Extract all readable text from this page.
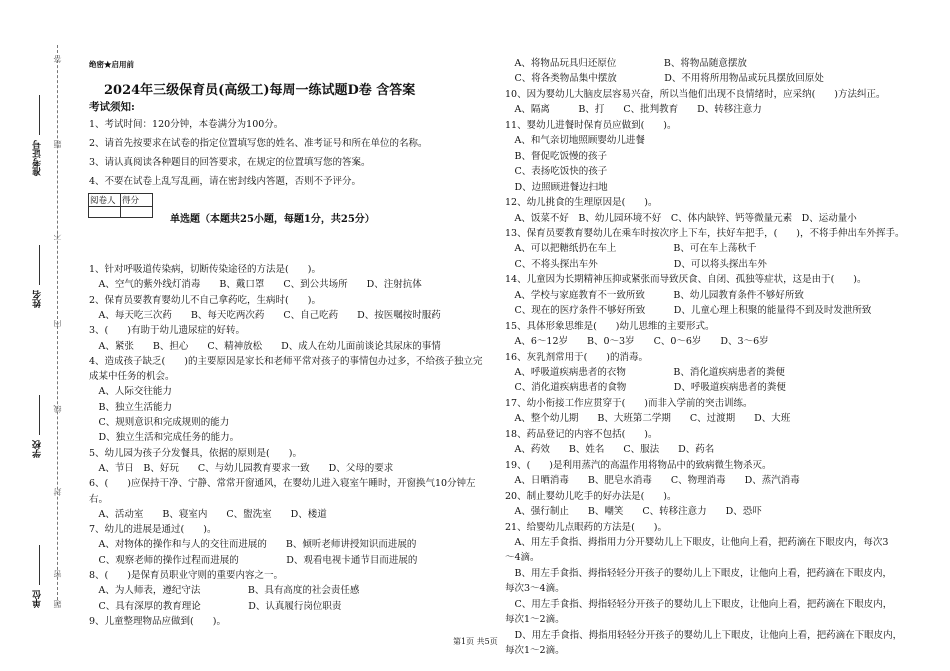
准考证号
姓名
学校
单位
答
题
不
内
线
封
密
题
绝密★启用前
2024年三级保育员(高级工)每周一练试题D卷 含答案
考试须知:
1、考试时间：120分钟，本卷满分为100分。
2、请首先按要求在试卷的指定位置填写您的姓名、准考证号和所在单位的名称。
3、请认真阅读各种题目的回答要求，在规定的位置填写您的答案。
4、不要在试卷上乱写乱画，请在密封线内答题，否则不予评分。
阅卷人	得分

单选题（本题共25小题，每题1分，共25分）
1、针对呼吸道传染病，切断传染途径的方法是(　　)。
　A、空气的紫外线灯消毒　　B、戴口罩　　C、到公共场所　　D、注射抗体
2、保育员要教育婴幼儿不自己拿药吃，生病时(　　)。
　A、每天吃三次药　　B、每天吃两次药　　C、自己吃药　　D、按医嘱按时服药
3、(　　)有助于幼儿遗尿症的好转。
　A、紧张　　B、担心　　C、精神放松　　D、成人在幼儿面前谈论其尿床的事情
4、造成孩子缺乏(　　)的主要原因是家长和老师平常对孩子的事情包办过多，不给孩子独立完
成某中任务的机会。
　A、人际交往能力
　B、独立生活能力
　C、规则意识和完成规则的能力
　D、独立生活和完成任务的能力。
5、幼儿园为孩子分发餐具，依据的原则是(　　)。
　A、节日　B、好玩　　C、与幼儿园教育要求一致　　D、父母的要求
6、(　　)应保持干净、宁静、常常开窗通风，在婴幼儿进入寝室午睡时，开窗换气10分钟左
右。
　A、活动室　　B、寝室内　　C、盥洗室　　D、楼道
7、幼儿的进展是通过(　　)。
　A、对物体的操作和与人的交往而进展的　　B、倾听老师讲授知识而进展的
　C、观察老师的操作过程而进展的　　　　　D、观看电视卡通节目而进展的
8、(　　)是保育员职业守则的重要内容之一。
　A、为人师表，遵纪守法　　　　　B、具有高度的社会责任感
　C、具有深厚的教育理论　　　　　D、认真履行岗位职责
9、儿童整理物品应做到(　　)。
　A、将物品玩具归还原位　　　　　B、将物品随意摆放
　C、将各类物品集中摆放　　　　　D、不用将所用物品或玩具摆放回原处
10、因为婴幼儿大脑皮层容易兴奋，所以当他们出现不良情绪时，应采纳(　　)方法纠正。
　A、隔离　　　B、打　　C、批判教育　　D、转移注意力
11、婴幼儿进餐时保育员应做到(　　)。
　A、和气亲切地照顾婴幼儿进餐
　B、督促吃饭慢的孩子
　C、表扬吃饭快的孩子
　D、边照顾进餐边扫地
12、幼儿挑食的生理原因是(　　)。
　A、饭菜不好　B、幼儿园环境不好　C、体内缺锌、钙等微量元素　D、运动量小
13、保育员要教育婴幼儿在乘车时按次序上下车，扶好车把手，(　　)，不将手伸出车外挥手。
　A、可以把糖纸扔在车上　　　　　　B、可在车上荡秋千
　C、不将头探出车外　　　　　　　　D、可以将头探出车外
14、儿童因为长期精神压抑或紧张而导致厌食、自闭、孤独等症状，这是由于(　　)。
　A、学校与家庭教育不一致所致　　　B、幼儿园教育条件不够好所致
　C、现在的医疗条件不够好所致　　　D、儿童心理上积聚的能量得不到及时发泄所致
15、具体形象思维是(　　)幼儿思维的主要形式。
　A、6～12岁　　B、0～3岁　　C、0～6岁　　D、3～6岁
16、灰乳剂常用于(　　)的消毒。
　A、呼吸道疾病患者的衣物　　　　　B、消化道疾病患者的粪便
　C、消化道疾病患者的食物　　　　　D、呼吸道疾病患者的粪便
17、幼小衔接工作应贯穿于(　　)而非入学前的突击训练。
　A、整个幼儿期　　B、大班第二学期　　C、过渡期　　D、大班
18、药品登记的内容不包括(　　)。
　A、药效　　B、姓名　　C、服法　　D、药名
19、(　　)是利用蒸汽的高温作用将物品中的致病微生物杀灭。
　A、日晒消毒　　B、肥皂水消毒　　C、物理消毒　　D、蒸汽消毒
20、制止婴幼儿吃手的好办法是(　　)。
　A、强行制止　　B、嘲笑　　C、转移注意力　　D、恐吓
21、给婴幼儿点眼药的方法是(　　)。
　A、用左手食指、拇指用力分开婴幼儿上下眼皮，让他向上看，把药滴在下眼皮内，每次3
～4滴。
　B、用左手食指、拇指轻轻分开孩子的婴幼儿上下眼皮，让他向上看，把药滴在下眼皮内，
每次3～4滴。
　C、用左手食指、拇指轻轻分开孩子的婴幼儿上下眼皮，让他向上看，把药滴在下眼皮内，
每次1～2滴。
　D、用左手食指、拇指用轻轻分开孩子的婴幼儿上下眼皮，让他向上看，把药滴在下眼皮内，
每次1～2滴。
第1页 共5页
